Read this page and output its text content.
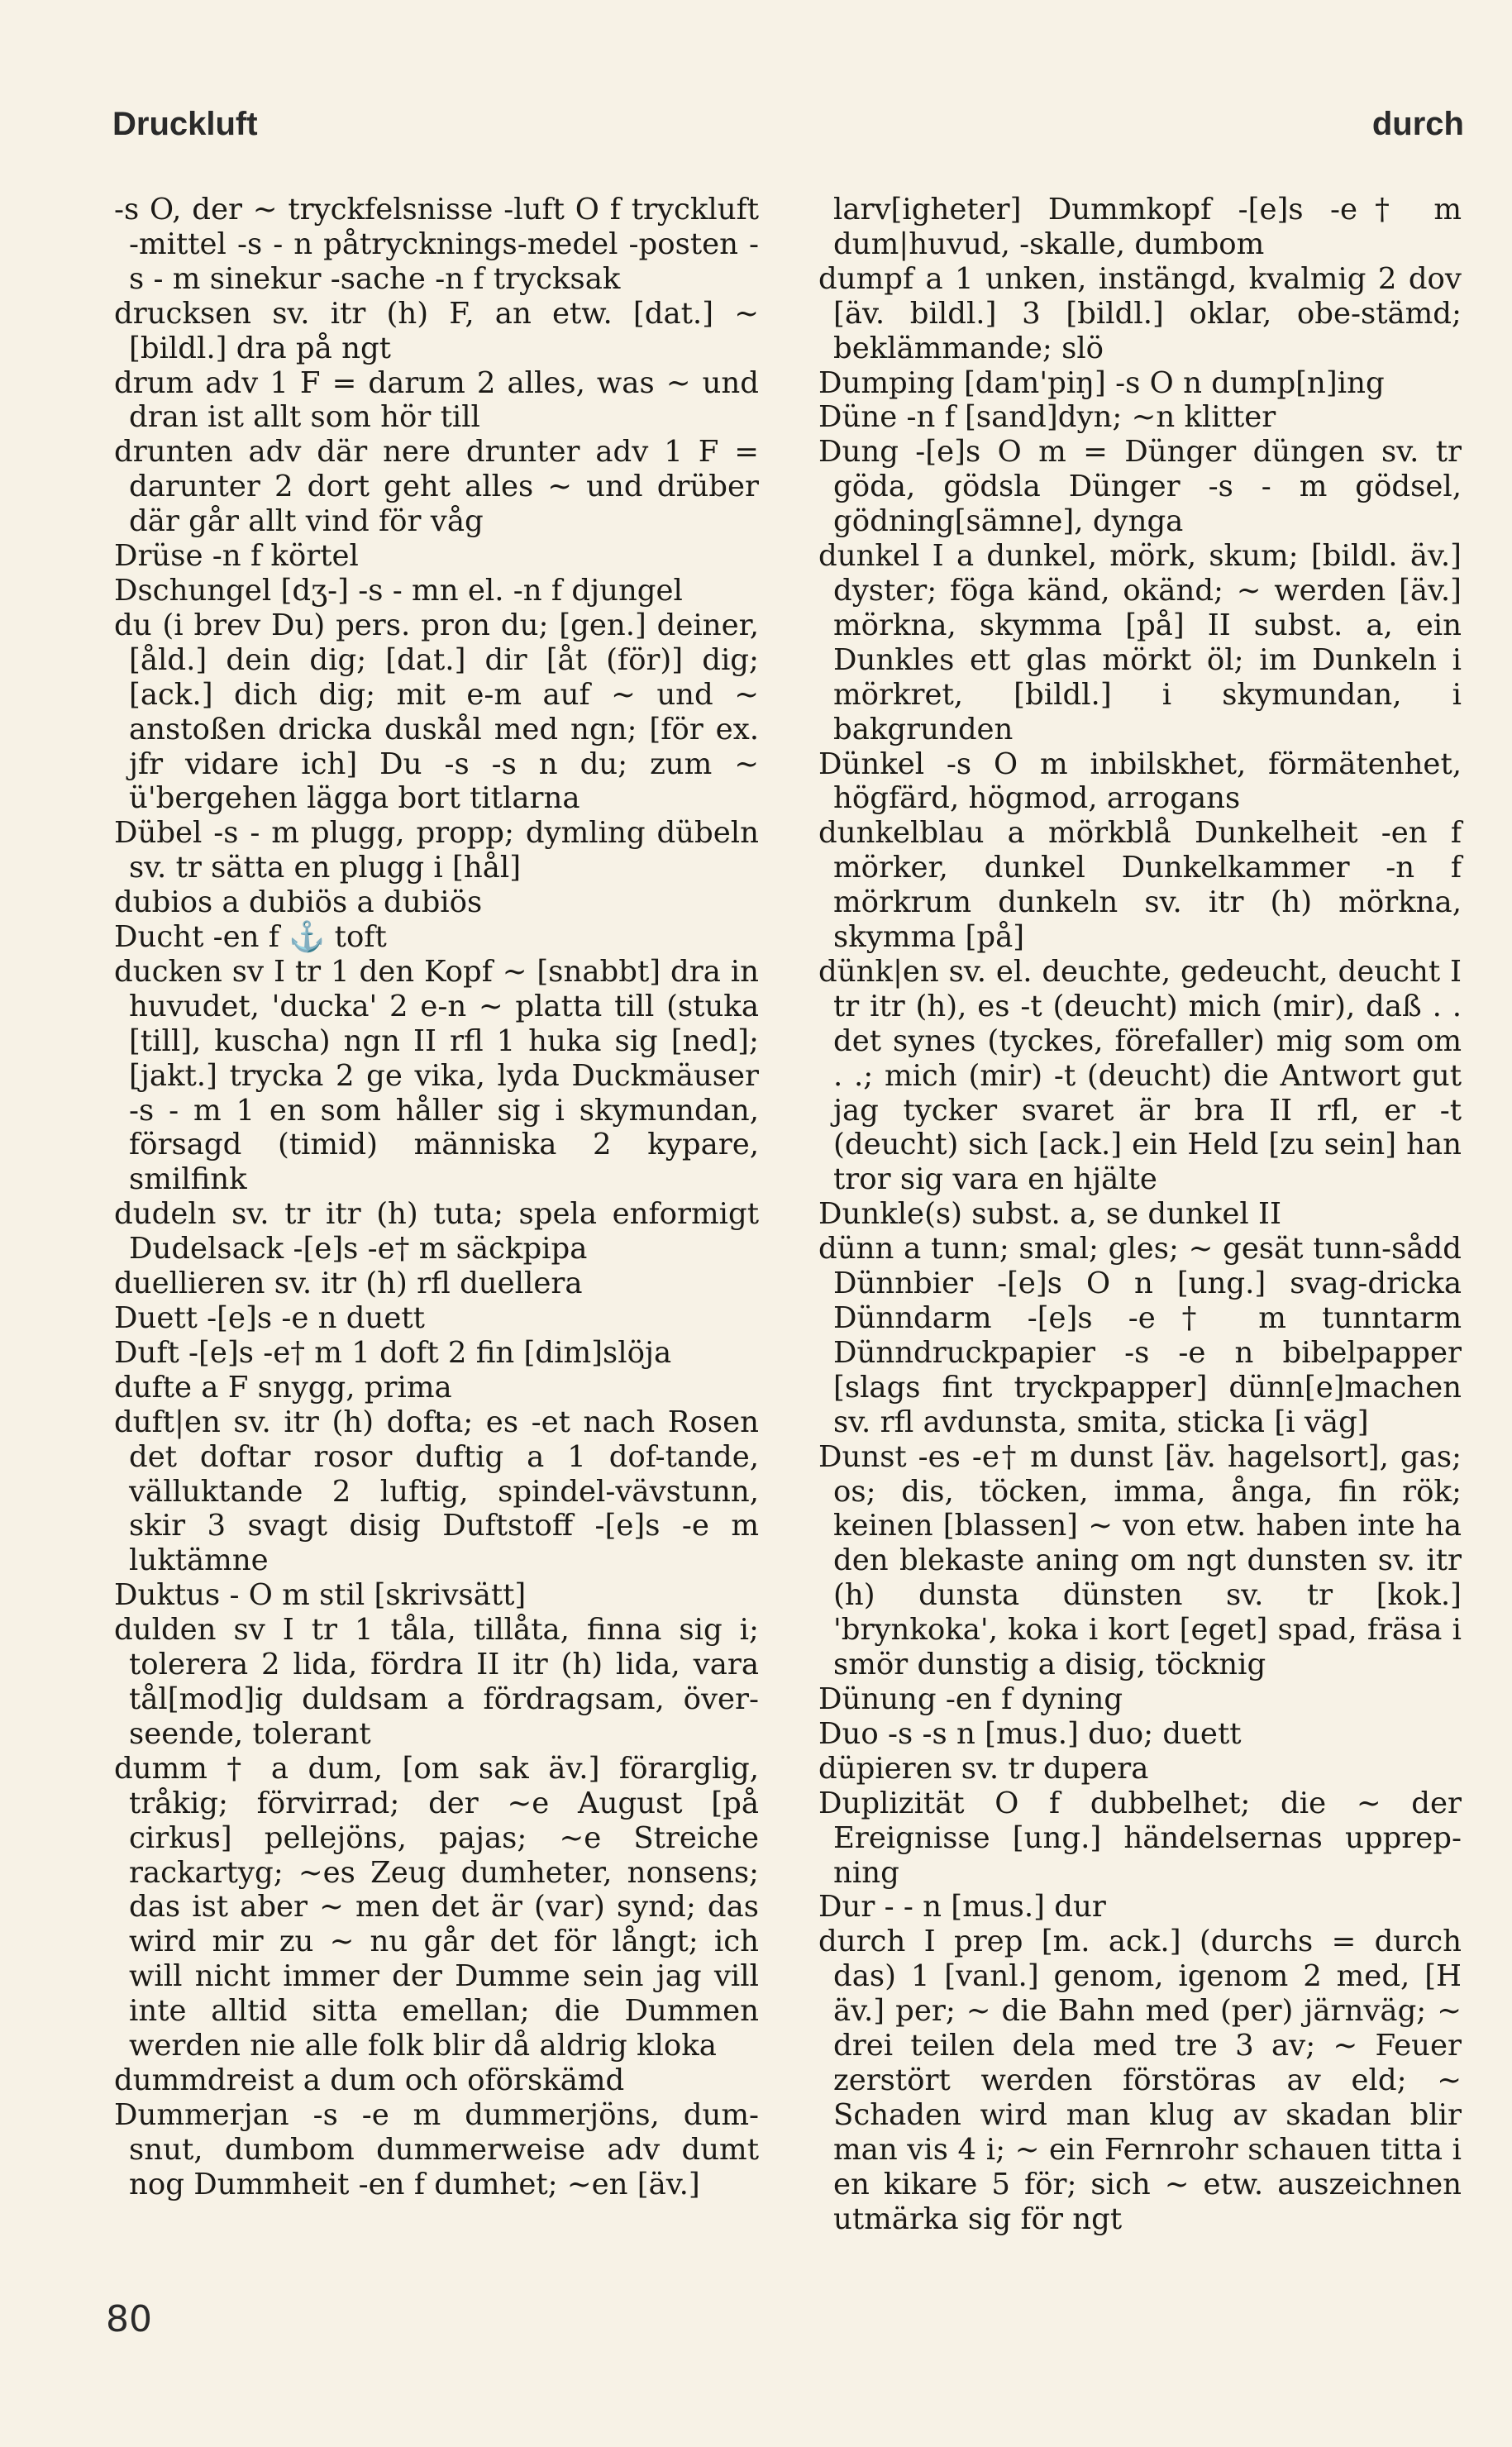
Druckluft	durch

-s O, der ~ tryckfelsnisse -luft O f tryckluft -mittel -s - n påtrycknings-medel -posten -s - m sinekur -sache -n f trycksak

drucksen sv. itr (h) F, an etw. [dat.] ~ [bildl.] dra på ngt

drum adv 1 F = darum 2 alles, was ~ und dran ist allt som hör till

drunten adv där nere drunter adv 1 F = darunter 2 dort geht alles ~ und drüber där går allt vind för våg

Drüse -n f körtel

Dschungel [dʒ-] -s - mn el. -n f djungel

du (i brev Du) pers. pron du; [gen.] deiner, [åld.] dein dig; [dat.] dir [åt (för)] dig; [ack.] dich dig; mit e-m auf ~ und ~ anstoßen dricka duskål med ngn; [för ex. jfr vidare ich] Du -s -s n du; zum ~ ü'bergehen lägga bort titlarna

Dübel -s - m plugg, propp; dymling dübeln sv. tr sätta en plugg i [hål]

dubios a dubiös a dubiös

Ducht -en f ⚓ toft

ducken sv I tr 1 den Kopf ~ [snabbt] dra in huvudet, 'ducka' 2 e-n ~ platta till (stuka [till], kuscha) ngn II rfl 1 huka sig [ned]; [jakt.] trycka 2 ge vika, lyda Duckmäuser -s - m 1 en som håller sig i skymundan, försagd (timid) människa 2 kypare, smilfink

dudeln sv. tr itr (h) tuta; spela enformigt Dudelsack -[e]s -e† m säckpipa

duellieren sv. itr (h) rfl duellera

Duett -[e]s -e n duett

Duft -[e]s -e† m 1 doft 2 fin [dim]slöja

dufte a F snygg, prima

duft|en sv. itr (h) dofta; es -et nach Rosen det doftar rosor duftig a 1 dof-tande, välluktande 2 luftig, spindel-vävstunn, skir 3 svagt disig Duftstoff -[e]s -e m luktämne

Duktus - O m stil [skrivsätt]

dulden sv I tr 1 tåla, tillåta, finna sig i; tolerera 2 lida, fördra II itr (h) lida, vara tål[mod]ig duldsam a fördragsam, över-seende, tolerant

dumm † a dum, [om sak äv.] förarglig, tråkig; förvirrad; der ~e August [på cirkus] pellejöns, pajas; ~e Streiche rackartyg; ~es Zeug dumheter, nonsens; das ist aber ~ men det är (var) synd; das wird mir zu ~ nu går det för långt; ich will nicht immer der Dumme sein jag vill inte alltid sitta emellan; die Dummen werden nie alle folk blir då aldrig kloka

dummdreist a dum och oförskämd

Dummerjan -s -e m dummerjöns, dum-snut, dumbom dummerweise adv dumt nog Dummheit -en f dumhet; ~en [äv.]

larv[igheter] Dummkopf -[e]s -e† m dum|huvud, -skalle, dumbom

dumpf a 1 unken, instängd, kvalmig 2 dov [äv. bildl.] 3 [bildl.] oklar, obe-stämd; beklämmande; slö

Dumping [dam'piŋ] -s O n dump[n]ing

Düne -n f [sand]dyn; ~n klitter

Dung -[e]s O m = Dünger düngen sv. tr göda, gödsla Dünger -s - m gödsel, gödning[sämne], dynga

dunkel I a dunkel, mörk, skum; [bildl. äv.] dyster; föga känd, okänd; ~ werden [äv.] mörkna, skymma [på] II subst. a, ein Dunkles ett glas mörkt öl; im Dunkeln i mörkret, [bildl.] i skymundan, i bakgrunden

Dünkel -s O m inbilskhet, förmätenhet, högfärd, högmod, arrogans

dunkelblau a mörkblå Dunkelheit -en f mörker, dunkel Dunkelkammer -n f mörkrum dunkeln sv. itr (h) mörkna, skymma [på]

dünk|en sv. el. deuchte, gedeucht, deucht I tr itr (h), es -t (deucht) mich (mir), daß . . det synes (tyckes, förefaller) mig som om . .; mich (mir) -t (deucht) die Antwort gut jag tycker svaret är bra II rfl, er -t (deucht) sich [ack.] ein Held [zu sein] han tror sig vara en hjälte

Dunkle(s) subst. a, se dunkel II

dünn a tunn; smal; gles; ~ gesät tunn-sådd Dünnbier -[e]s O n [ung.] svag-dricka Dünndarm -[e]s -e† m tunntarm Dünndruckpapier -s -e n bibelpapper [slags fint tryckpapper] dünn[e]machen sv. rfl avdunsta, smita, sticka [i väg]

Dunst -es -e† m dunst [äv. hagelsort], gas; os; dis, töcken, imma, ånga, fin rök; keinen [blassen] ~ von etw. haben inte ha den blekaste aning om ngt dunsten sv. itr (h) dunsta dünsten sv. tr [kok.] 'brynkoka', koka i kort [eget] spad, fräsa i smör dunstig a disig, töcknig

Dünung -en f dyning

Duo -s -s n [mus.] duo; duett

düpieren sv. tr dupera

Duplizität O f dubbelhet; die ~ der Ereignisse [ung.] händelsernas upprep-ning

Dur - - n [mus.] dur

durch I prep [m. ack.] (durchs = durch das) 1 [vanl.] genom, igenom 2 med, [H äv.] per; ~ die Bahn med (per) järnväg; ~ drei teilen dela med tre 3 av; ~ Feuer zerstört werden förstöras av eld; ~ Schaden wird man klug av skadan blir man vis 4 i; ~ ein Fernrohr schauen titta i en kikare 5 för; sich ~ etw. auszeichnen utmärka sig för ngt

80
